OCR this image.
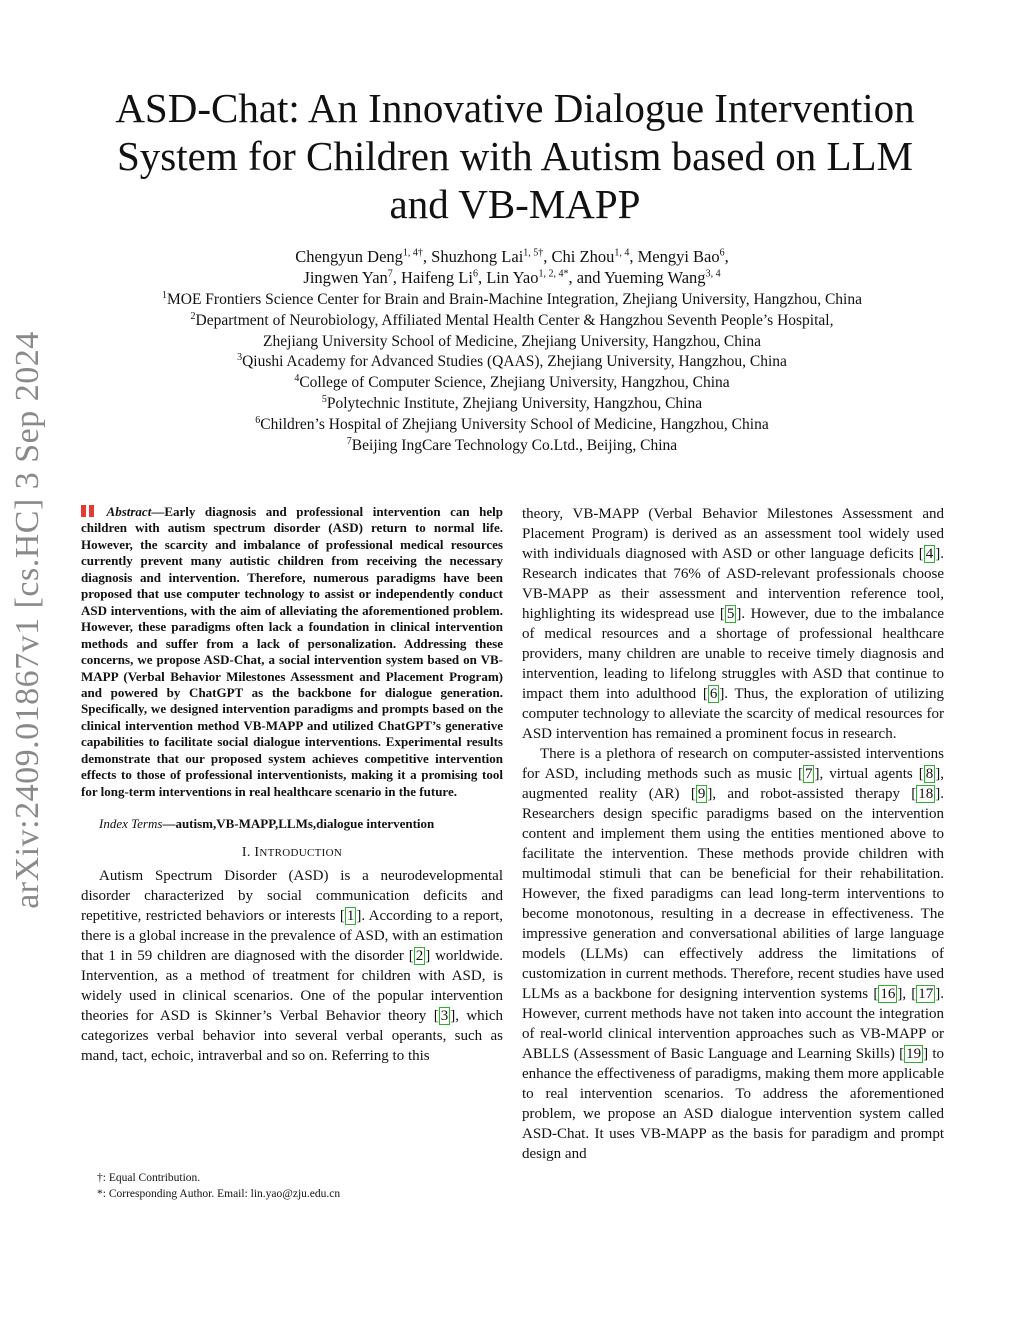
arXiv:2409.01867v1 [cs.HC] 3 Sep 2024
ASD-Chat: An Innovative Dialogue Intervention System for Children with Autism based on LLM and VB-MAPP
Chengyun Deng$^{1, 4\dagger}$, Shuzhong Lai$^{1, 5\dagger}$, Chi Zhou$^{1, 4}$, Mengyi Bao$^6$,
Jingwen Yan$^7$, Haifeng Li$^6$, Lin Yao$^{1, 2, 4*}$, and Yueming Wang$^{3, 4}$
$^1$MOE Frontiers Science Center for Brain and Brain-Machine Integration, Zhejiang University, Hangzhou, China
$^2$Department of Neurobiology, Affiliated Mental Health Center & Hangzhou Seventh People’s Hospital,
Zhejiang University School of Medicine, Zhejiang University, Hangzhou, China
$^3$Qiushi Academy for Advanced Studies (QAAS), Zhejiang University, Hangzhou, China
$^4$College of Computer Science, Zhejiang University, Hangzhou, China
$^5$Polytechnic Institute, Zhejiang University, Hangzhou, China
$^6$Children’s Hospital of Zhejiang University School of Medicine, Hangzhou, China
$^7$Beijing IngCare Technology Co.Ltd., Beijing, China

Abstract—Early diagnosis and professional intervention can help children with autism spectrum disorder (ASD) return to normal life. However, the scarcity and imbalance of professional medical resources currently prevent many autistic children from receiving the necessary diagnosis and intervention. Therefore, numerous paradigms have been proposed that use computer technology to assist or independently conduct ASD interventions, with the aim of alleviating the aforementioned problem. However, these paradigms often lack a foundation in clinical intervention methods and suffer from a lack of personalization. Addressing these concerns, we propose ASD-Chat, a social intervention system based on VB-MAPP (Verbal Behavior Milestones Assessment and Placement Program) and powered by ChatGPT as the backbone for dialogue generation. Specifically, we designed intervention paradigms and prompts based on the clinical intervention method VB-MAPP and utilized ChatGPT’s generative capabilities to facilitate social dialogue interventions. Experimental results demonstrate that our proposed system achieves competitive intervention effects to those of professional interventionists, making it a promising tool for long-term interventions in real healthcare scenario in the future.

Index Terms—autism,VB-MAPP,LLMs,dialogue intervention

I. INTRODUCTION

Autism Spectrum Disorder (ASD) is a neurodevelopmental disorder characterized by social communication deficits and repetitive, restricted behaviors or interests [ 1 ]. According to a report, there is a global increase in the prevalence of ASD, with an estimation that 1 in 59 children are diagnosed with the disorder [ 2 ] worldwide. Intervention, as a method of treatment for children with ASD, is widely used in clinical scenarios. One of the popular intervention theories for ASD is Skinner’s Verbal Behavior theory [ 3 ], which categorizes verbal behavior into several verbal operants, such as mand, tact, echoic, intraverbal and so on. Referring to this

theory, VB-MAPP (Verbal Behavior Milestones Assessment and Placement Program) is derived as an assessment tool widely used with individuals diagnosed with ASD or other language deficits [ 4 ]. Research indicates that 76% of ASD-relevant professionals choose VB-MAPP as their assessment and intervention reference tool, highlighting its widespread use [ 5 ]. However, due to the imbalance of medical resources and a shortage of professional healthcare providers, many children are unable to receive timely diagnosis and intervention, leading to lifelong struggles with ASD that continue to impact them into adulthood [ 6 ]. Thus, the exploration of utilizing computer technology to alleviate the scarcity of medical resources for ASD intervention has remained a prominent focus in research.

There is a plethora of research on computer-assisted interventions for ASD, including methods such as music [ 7 ], virtual agents [ 8 ], augmented reality (AR) [ 9 ], and robot-assisted therapy [ 18 ]. Researchers design specific paradigms based on the intervention content and implement them using the entities mentioned above to facilitate the intervention. These methods provide children with multimodal stimuli that can be beneficial for their rehabilitation. However, the fixed paradigms can lead long-term interventions to become monotonous, resulting in a decrease in effectiveness. The impressive generation and conversational abilities of large language models (LLMs) can effectively address the limitations of customization in current methods. Therefore, recent studies have used LLMs as a backbone for designing intervention systems [ 16 ], [ 17 ]. However, current methods have not taken into account the integration of real-world clinical intervention approaches such as VB-MAPP or ABLLS (Assessment of Basic Language and Learning Skills) [ 19 ] to enhance the effectiveness of paradigms, making them more applicable to real intervention scenarios. To address the aforementioned problem, we propose an ASD dialogue intervention system called ASD-Chat. It uses VB-MAPP as the basis for paradigm and prompt design and

†: Equal Contribution.
*: Corresponding Author. Email: lin.yao@zju.edu.cn
